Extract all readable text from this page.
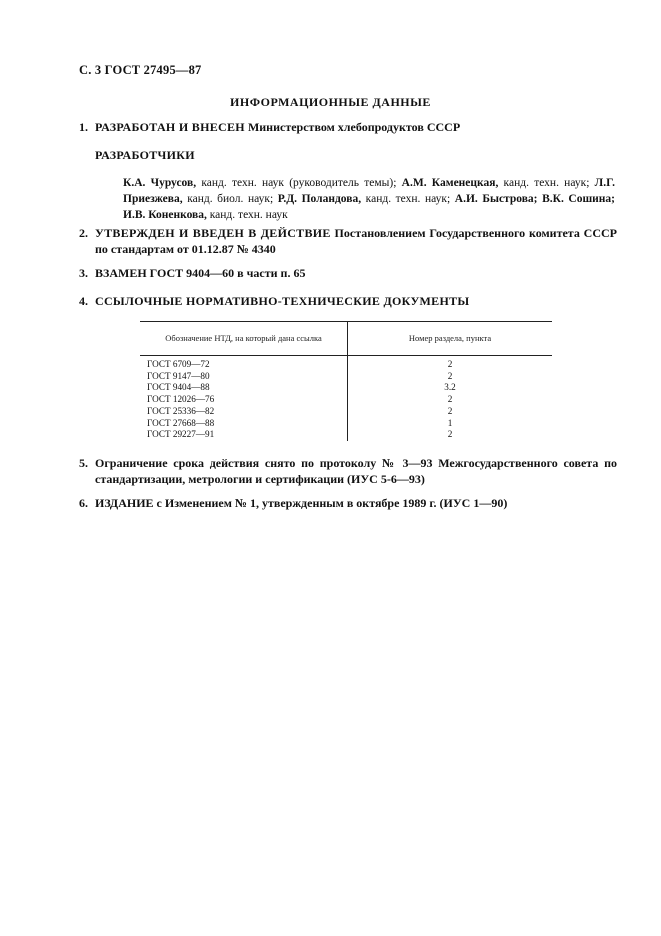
С. 3 ГОСТ 27495—87
ИНФОРМАЦИОННЫЕ ДАННЫЕ
1. РАЗРАБОТАН И ВНЕСЕН Министерством хлебопродуктов СССР
РАЗРАБОТЧИКИ
К.А. Чурусов, канд. техн. наук (руководитель темы); А.М. Каменецкая, канд. техн. наук; Л.Г. Приезжева, канд. биол. наук; Р.Д. Поландова, канд. техн. наук; А.И. Быстрова; В.К. Сошина; И.В. Коненкова, канд. техн. наук
2. УТВЕРЖДЕН И ВВЕДЕН В ДЕЙСТВИЕ Постановлением Государственного комитета СССР по стандартам от 01.12.87 № 4340
3. ВЗАМЕН ГОСТ 9404—60 в части п. 65
4. ССЫЛОЧНЫЕ НОРМАТИВНО-ТЕХНИЧЕСКИЕ ДОКУМЕНТЫ
Обозначение НТД, на который дана ссылка	Номер раздела, пункта
ГОСТ 6709—72	2
ГОСТ 9147—80	2
ГОСТ 9404—88	3.2
ГОСТ 12026—76	2
ГОСТ 25336—82	2
ГОСТ 27668—88	1
ГОСТ 29227—91	2
5. Ограничение срока действия снято по протоколу № 3—93 Межгосударственного совета по стандартизации, метрологии и сертификации (ИУС 5-6—93)
6. ИЗДАНИЕ с Изменением № 1, утвержденным в октябре 1989 г. (ИУС 1—90)
